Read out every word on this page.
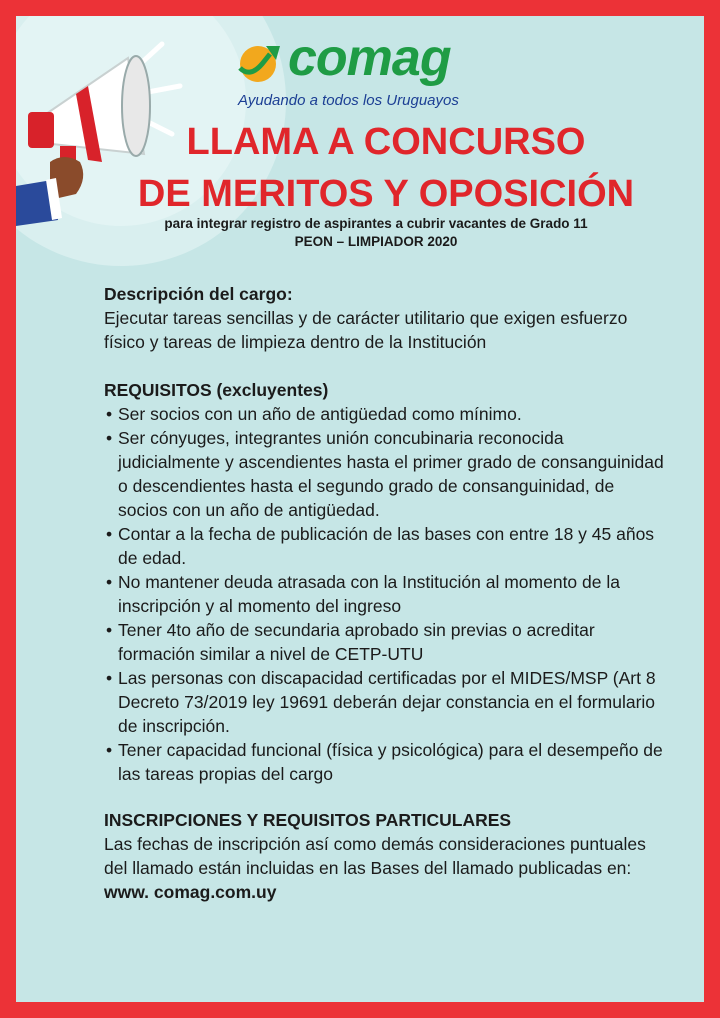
comag
Ayudando a todos los Uruguayos
LLAMA A CONCURSO
DE MERITOS Y OPOSICIÓN
para integrar registro de aspirantes a cubrir vacantes de Grado 11
PEON – LIMPIADOR 2020

Descripción del cargo:

Ejecutar tareas sencillas y de carácter utilitario que exigen esfuerzo físico y tareas de limpieza dentro de la Institución

REQUISITOS (excluyentes)

• Ser socios con un año de antigüedad como mínimo.
• Ser cónyuges, integrantes unión concubinaria reconocida judicialmente y ascendientes hasta el primer grado de consanguinidad o descendientes hasta el segundo grado de consanguinidad, de socios con un año de antigüedad.
• Contar a la fecha de publicación de las bases con entre 18 y 45 años de edad.
• No mantener deuda atrasada con la Institución al momento de la inscripción y al momento del ingreso
• Tener 4to año de secundaria aprobado sin previas o acreditar formación similar a nivel de CETP-UTU
• Las personas con discapacidad certificadas por el MIDES/MSP (Art 8 Decreto 73/2019 ley 19691 deberán dejar constancia en el formulario de inscripción.
• Tener capacidad funcional (física y psicológica) para el desempeño de las tareas propias del cargo

INSCRIPCIONES Y REQUISITOS PARTICULARES

Las fechas de inscripción así como demás consideraciones puntuales del llamado están incluidas en las Bases del llamado publicadas en: www. comag.com.uy
